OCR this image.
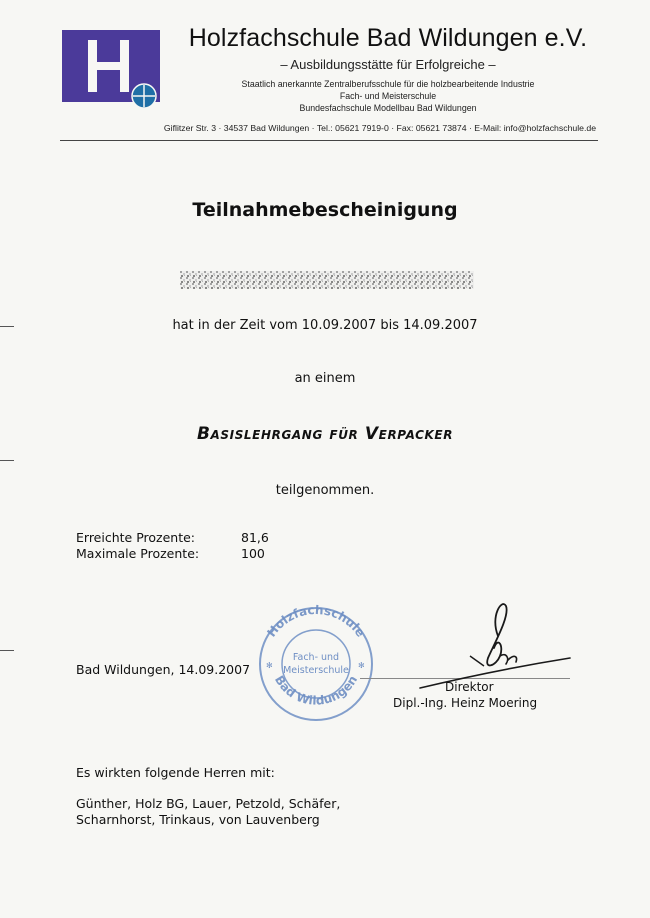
Holzfachschule Bad Wildungen e.V.
– Ausbildungsstätte für Erfolgreiche –
Staatlich anerkannte Zentralberufsschule für die holzbearbeitende Industrie
Fach- und Meisterschule
Bundesfachschule Modellbau Bad Wildungen
Giflitzer Str. 3 · 34537 Bad Wildungen · Tel.: 05621 7919-0 · Fax: 05621 73874 · E-Mail: info@holzfachschule.de
Teilnahmebescheinigung
hat in der Zeit vom 10.09.2007 bis 14.09.2007
an einem
Basislehrgang für Verpacker
teilgenommen.
Erreichte Prozente:	81,6
Maximale Prozente:	100
Bad Wildungen, 14.09.2007
Holzfachschule
Bad Wildungen
Fach- und
Meisterschule
✻	✻
Direktor
Dipl.-Ing. Heinz Moering
Es wirkten folgende Herren mit:
Günther, Holz BG, Lauer, Petzold, Schäfer,
Scharnhorst, Trinkaus, von Lauvenberg
